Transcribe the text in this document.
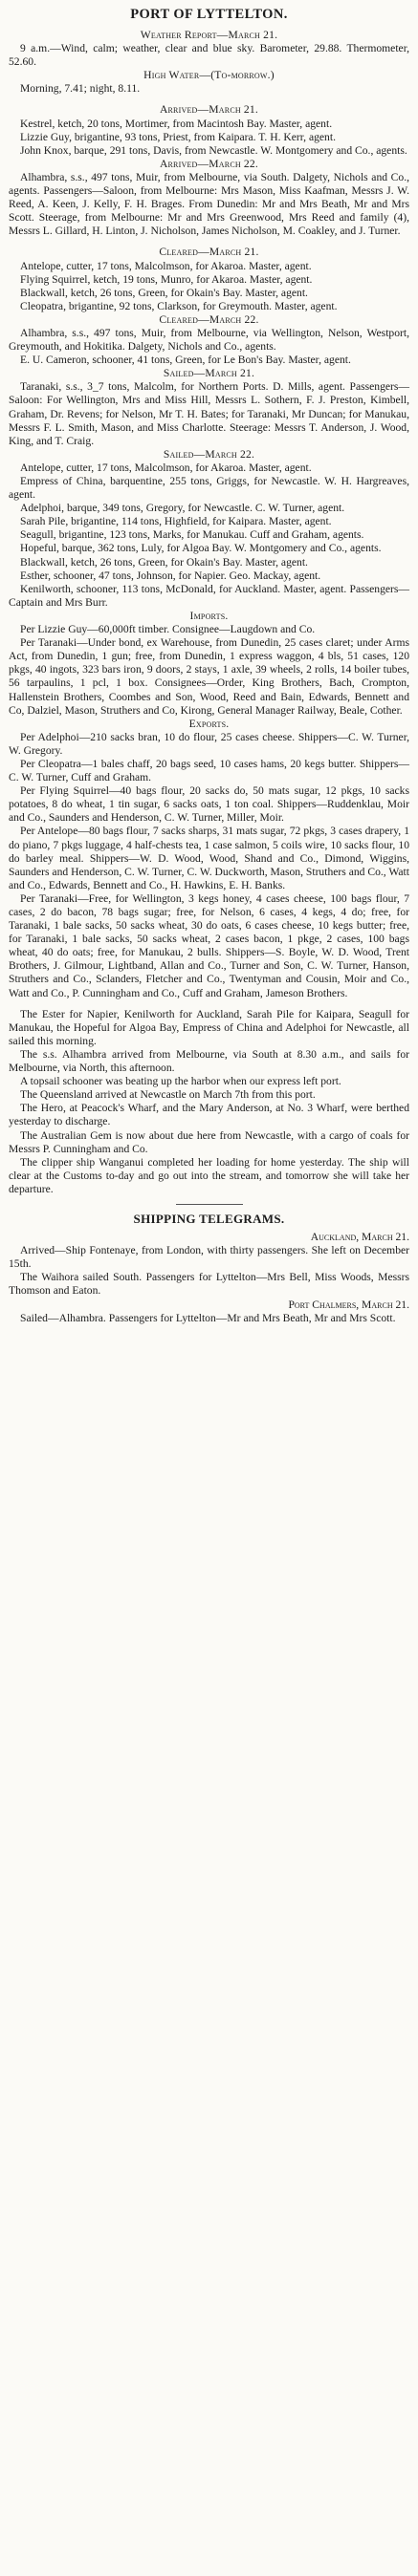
PORT OF LYTTELTON.
Weather Report—March 21.

9 a.m.—Wind, calm; weather, clear and blue sky. Barometer, 29.88. Thermometer, 52.60.

High Water—(To-morrow.)

Morning, 7.41; night, 8.11.

Arrived—March 21.

Kestrel, ketch, 20 tons, Mortimer, from Macintosh Bay. Master, agent.

Lizzie Guy, brigantine, 93 tons, Priest, from Kaipara. T. H. Kerr, agent.

John Knox, barque, 291 tons, Davis, from Newcastle. W. Montgomery and Co., agents.

Arrived—March 22.

Alhambra, s.s., 497 tons, Muir, from Melbourne, via South. Dalgety, Nichols and Co., agents. Passengers—Saloon, from Melbourne: Mrs Mason, Miss Kaafman, Messrs J. W. Reed, A. Keen, J. Kelly, F. H. Brages. From Dunedin: Mr and Mrs Beath, Mr and Mrs Scott. Steerage, from Melbourne: Mr and Mrs Greenwood, Mrs Reed and family (4), Messrs L. Gillard, H. Linton, J. Nicholson, James Nicholson, M. Coakley, and J. Turner.

Cleared—March 21.

Antelope, cutter, 17 tons, Malcolmson, for Akaroa. Master, agent.

Flying Squirrel, ketch, 19 tons, Munro, for Akaroa. Master, agent.

Blackwall, ketch, 26 tons, Green, for Okain's Bay. Master, agent.

Cleopatra, brigantine, 92 tons, Clarkson, for Greymouth. Master, agent.

Cleared—March 22.

Alhambra, s.s., 497 tons, Muir, from Melbourne, via Wellington, Nelson, Westport, Greymouth, and Hokitika. Dalgety, Nichols and Co., agents.

E. U. Cameron, schooner, 41 tons, Green, for Le Bon's Bay. Master, agent.

Sailed—March 21.

Taranaki, s.s., 3_7 tons, Malcolm, for Northern Ports. D. Mills, agent. Passengers—Saloon: For Wellington, Mrs and Miss Hill, Messrs L. Sothern, F. J. Preston, Kimbell, Graham, Dr. Revens; for Nelson, Mr T. H. Bates; for Taranaki, Mr Duncan; for Manukau, Messrs F. L. Smith, Mason, and Miss Charlotte. Steerage: Messrs T. Anderson, J. Wood, King, and T. Craig.

Sailed—March 22.

Antelope, cutter, 17 tons, Malcolmson, for Akaroa. Master, agent.

Empress of China, barquentine, 255 tons, Griggs, for Newcastle. W. H. Hargreaves, agent.

Adelphoi, barque, 349 tons, Gregory, for Newcastle. C. W. Turner, agent.

Sarah Pile, brigantine, 114 tons, Highfield, for Kaipara. Master, agent.

Seagull, brigantine, 123 tons, Marks, for Manukau. Cuff and Graham, agents.

Hopeful, barque, 362 tons, Luly, for Algoa Bay. W. Montgomery and Co., agents.

Blackwall, ketch, 26 tons, Green, for Okain's Bay. Master, agent.

Esther, schooner, 47 tons, Johnson, for Napier. Geo. Mackay, agent.

Kenilworth, schooner, 113 tons, McDonald, for Auckland. Master, agent. Passengers—Captain and Mrs Burr.

Imports.

Per Lizzie Guy—60,000ft timber. Consignee—Laugdown and Co.

Per Taranaki—Under bond, ex Warehouse, from Dunedin, 25 cases claret; under Arms Act, from Dunedin, 1 gun; free, from Dunedin, 1 express waggon, 4 bls, 51 cases, 120 pkgs, 40 ingots, 323 bars iron, 9 doors, 2 stays, 1 axle, 39 wheels, 2 rolls, 14 boiler tubes, 56 tarpaulins, 1 pcl, 1 box. Consignees—Order, King Brothers, Bach, Crompton, Hallenstein Brothers, Coombes and Son, Wood, Reed and Bain, Edwards, Bennett and Co, Dalziel, Mason, Struthers and Co, Kirong, General Manager Railway, Beale, Cother.

Exports.

Per Adelphoi—210 sacks bran, 10 do flour, 25 cases cheese. Shippers—C. W. Turner, W. Gregory.

Per Cleopatra—1 bales chaff, 20 bags seed, 10 cases hams, 20 kegs butter. Shippers—C. W. Turner, Cuff and Graham.

Per Flying Squirrel—40 bags flour, 20 sacks do, 50 mats sugar, 12 pkgs, 10 sacks potatoes, 8 do wheat, 1 tin sugar, 6 sacks oats, 1 ton coal. Shippers—Ruddenklau, Moir and Co., Saunders and Henderson, C. W. Turner, Miller, Moir.

Per Antelope—80 bags flour, 7 sacks sharps, 31 mats sugar, 72 pkgs, 3 cases drapery, 1 do piano, 7 pkgs luggage, 4 half-chests tea, 1 case salmon, 5 coils wire, 10 sacks flour, 10 do barley meal. Shippers—W. D. Wood, Wood, Shand and Co., Dimond, Wiggins, Saunders and Henderson, C. W. Turner, C. W. Duckworth, Mason, Struthers and Co., Watt and Co., Edwards, Bennett and Co., H. Hawkins, E. H. Banks.

Per Taranaki—Free, for Wellington, 3 kegs honey, 4 cases cheese, 100 bags flour, 7 cases, 2 do bacon, 78 bags sugar; free, for Nelson, 6 cases, 4 kegs, 4 do; free, for Taranaki, 1 bale sacks, 50 sacks wheat, 30 do oats, 6 cases cheese, 10 kegs butter; free, for Taranaki, 1 bale sacks, 50 sacks wheat, 2 cases bacon, 1 pkge, 2 cases, 100 bags wheat, 40 do oats; free, for Manukau, 2 bulls. Shippers—S. Boyle, W. D. Wood, Trent Brothers, J. Gilmour, Lightband, Allan and Co., Turner and Son, C. W. Turner, Hanson, Struthers and Co., Sclanders, Fletcher and Co., Twentyman and Cousin, Moir and Co., Watt and Co., P. Cunningham and Co., Cuff and Graham, Jameson Brothers.

The Ester for Napier, Kenilworth for Auckland, Sarah Pile for Kaipara, Seagull for Manukau, the Hopeful for Algoa Bay, Empress of China and Adelphoi for Newcastle, all sailed this morning.

The s.s. Alhambra arrived from Melbourne, via South at 8.30 a.m., and sails for Melbourne, via North, this afternoon.

A topsail schooner was beating up the harbor when our express left port.

The Queensland arrived at Newcastle on March 7th from this port.

The Hero, at Peacock's Wharf, and the Mary Anderson, at No. 3 Wharf, were berthed yesterday to discharge.

The Australian Gem is now about due here from Newcastle, with a cargo of coals for Messrs P. Cunningham and Co.

The clipper ship Wanganui completed her loading for home yesterday. The ship will clear at the Customs to-day and go out into the stream, and tomorrow she will take her departure.

SHIPPING TELEGRAMS.

Auckland, March 21.

Arrived—Ship Fontenaye, from London, with thirty passengers. She left on December 15th.

The Waihora sailed South. Passengers for Lyttelton—Mrs Bell, Miss Woods, Messrs Thomson and Eaton.

Port Chalmers, March 21.

Sailed—Alhambra. Passengers for Lyttelton—Mr and Mrs Beath, Mr and Mrs Scott.
